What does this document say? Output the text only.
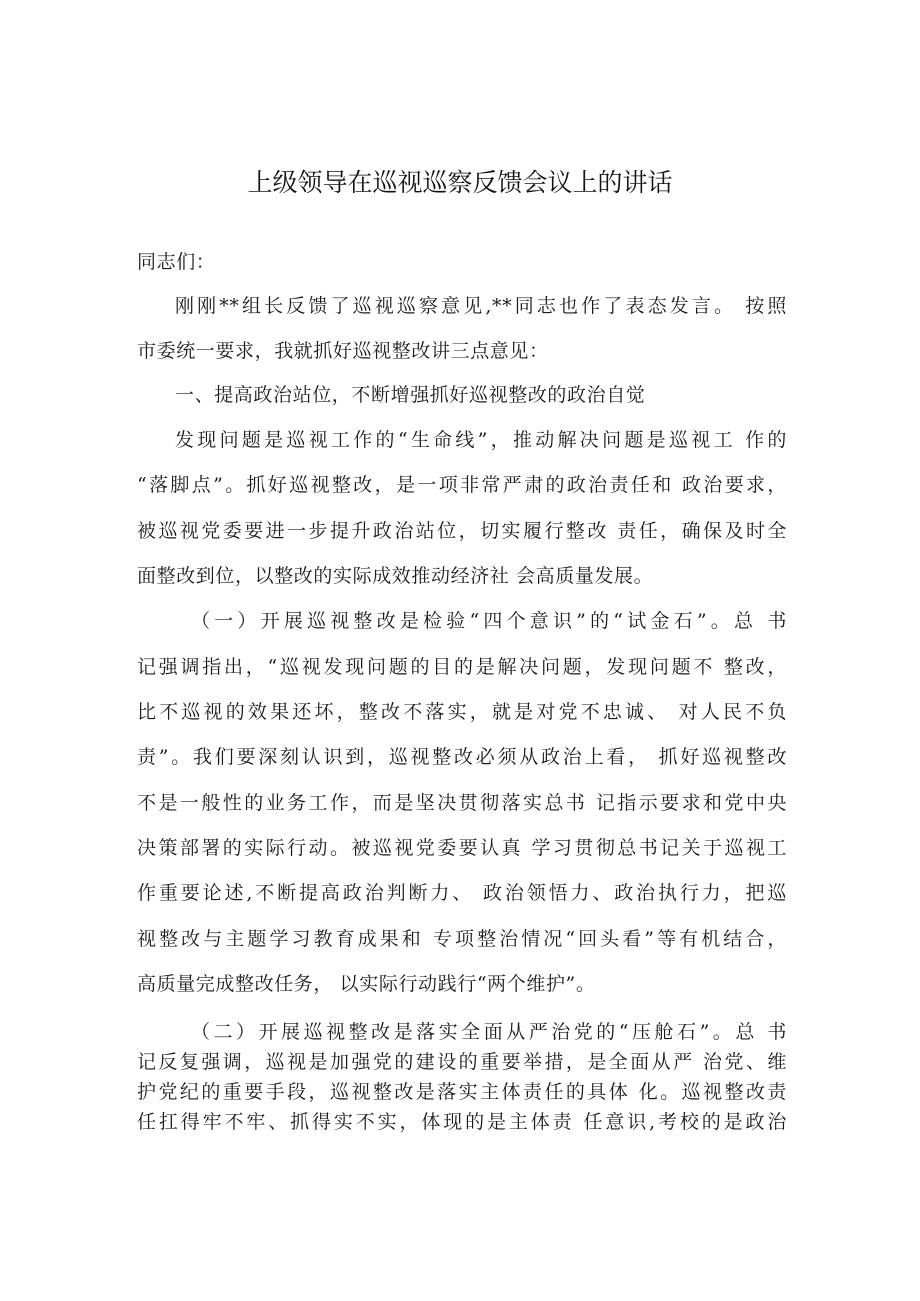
上级领导在巡视巡察反馈会议上的讲话
同志们：
刚刚**组长反馈了巡视巡察意见,**同志也作了表态发言。 按照
市委统一要求，我就抓好巡视整改讲三点意见：
一、提高政治站位，不断增强抓好巡视整改的政治自觉
发现问题是巡视工作的“生命线”，推动解决问题是巡视工 作的
“落脚点”。抓好巡视整改，是一项非常严肃的政治责任和 政治要求，
被巡视党委要进一步提升政治站位，切实履行整改 责任，确保及时全
面整改到位，以整改的实际成效推动经济社 会高质量发展。
（一）开展巡视整改是检验“四个意识”的“试金石”。总 书
记强调指出，“巡视发现问题的目的是解决问题，发现问题不 整改，
比不巡视的效果还坏，整改不落实，就是对党不忠诚、 对人民不负
责”。我们要深刻认识到，巡视整改必须从政治上看， 抓好巡视整改
不是一般性的业务工作，而是坚决贯彻落实总书 记指示要求和党中央
决策部署的实际行动。被巡视党委要认真 学习贯彻总书记关于巡视工
作重要论述,不断提高政治判断力、 政治领悟力、政治执行力，把巡
视整改与主题学习教育成果和 专项整治情况“回头看”等有机结合，
高质量完成整改任务， 以实际行动践行“两个维护”。
（二）开展巡视整改是落实全面从严治党的“压舱石”。总 书
记反复强调，巡视是加强党的建设的重要举措，是全面从严 治党、维
护党纪的重要手段，巡视整改是落实主体责任的具体 化。巡视整改责
任扛得牢不牢、抓得实不实，体现的是主体责 任意识,考校的是政治
